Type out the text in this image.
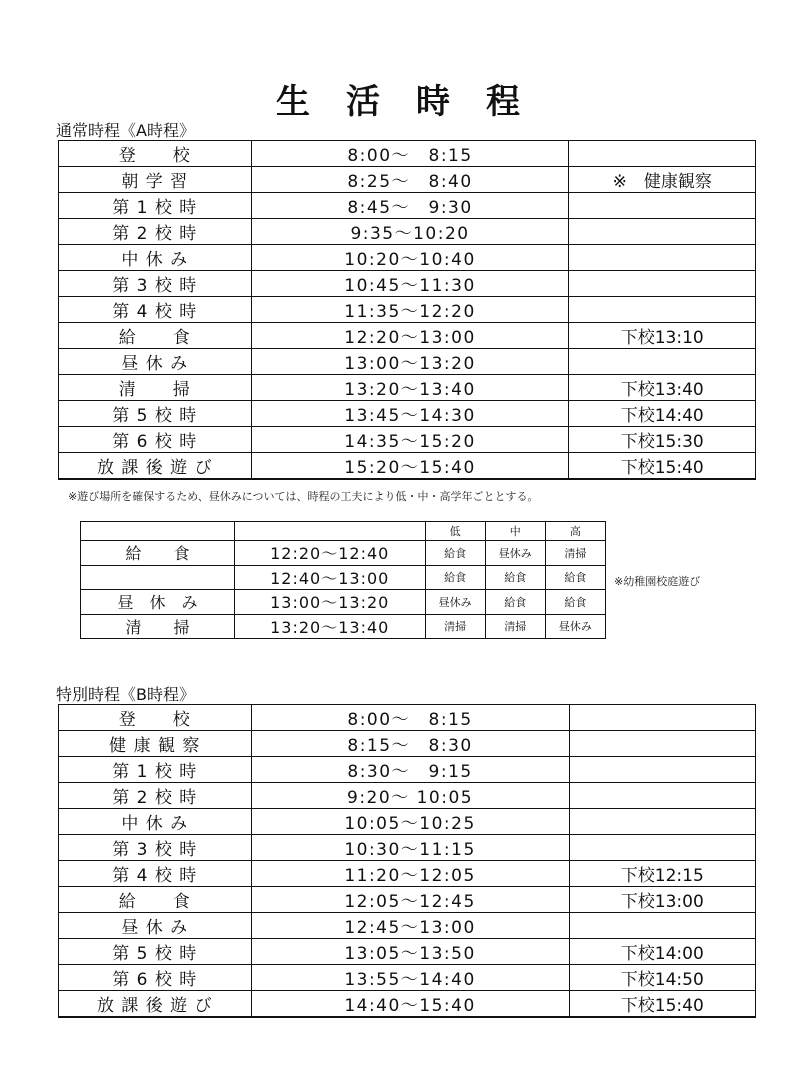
生 活 時 程
通常時程《A時程》
登　　校	8:00〜　8:15	
朝 学 習	8:25〜　8:40	※　健康観察
第 1 校 時	8:45〜　9:30	
第 2 校 時	9:35〜10:20	
中 休 み	10:20〜10:40	
第 3 校 時	10:45〜11:30	
第 4 校 時	11:35〜12:20	
給　　食	12:20〜13:00	下校13:10
昼 休 み	13:00〜13:20	
清　　掃	13:20〜13:40	下校13:40
第 5 校 時	13:45〜14:30	下校14:40
第 6 校 時	14:35〜15:20	下校15:30
放 課 後 遊 び	15:20〜15:40	下校15:40
※遊び場所を確保するため、昼休みについては、時程の工夫により低・中・高学年ごととする。
		低	中	高
給　　食	12:20〜12:40	給食	昼休み	清掃
	12:40〜13:00	給食	給食	給食
昼　休　み	13:00〜13:20	昼休み	給食	給食
清　　掃	13:20〜13:40	清掃	清掃	昼休み
※幼稚園校庭遊び
特別時程《B時程》
登　　校	8:00〜　8:15	
健 康 観 察	8:15〜　8:30	
第 1 校 時	8:30〜　9:15	
第 2 校 時	9:20〜 10:05	
中 休 み	10:05〜10:25	
第 3 校 時	10:30〜11:15	
第 4 校 時	11:20〜12:05	下校12:15
給　　食	12:05〜12:45	下校13:00
昼 休 み	12:45〜13:00	
第 5 校 時	13:05〜13:50	下校14:00
第 6 校 時	13:55〜14:40	下校14:50
放 課 後 遊 び	14:40〜15:40	下校15:40
